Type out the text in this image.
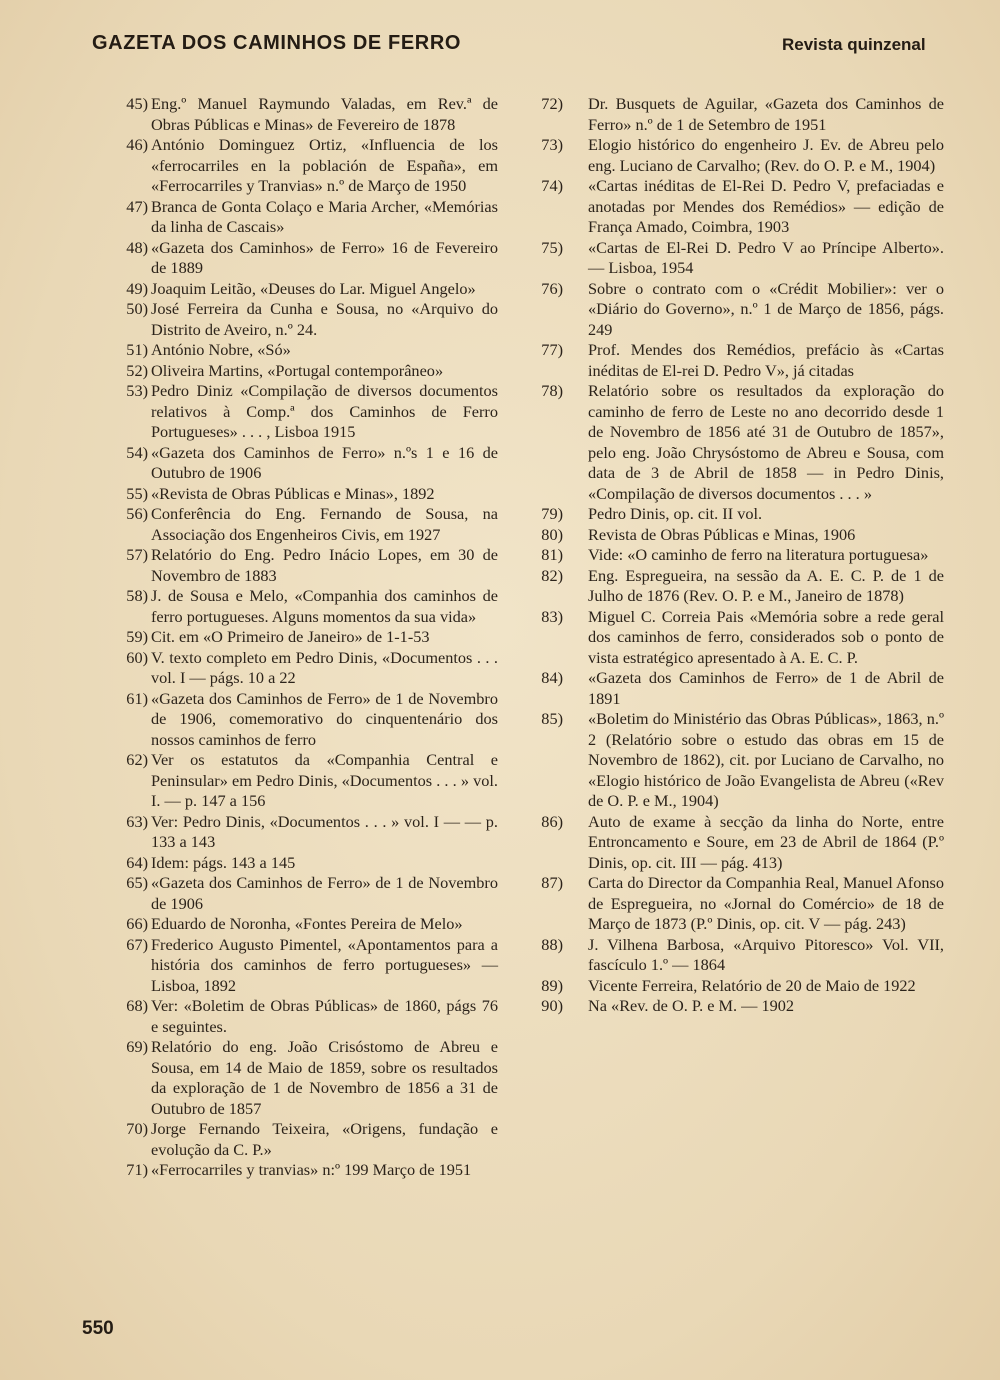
GAZETA DOS CAMINHOS DE FERRO	Revista quinzenal
45) Eng.º Manuel Raymundo Valadas, em Rev.ª de Obras Públicas e Minas» de Fevereiro de 1878
46) António Dominguez Ortiz, «Influencia de los «ferrocarriles en la población de España», em «Ferrocarriles y Tranvias» n.º de Março de 1950
47) Branca de Gonta Colaço e Maria Archer, «Memórias da linha de Cascais»
48) «Gazeta dos Caminhos» de Ferro» 16 de Fevereiro de 1889
49) Joaquim Leitão, «Deuses do Lar. Miguel Angelo»
50) José Ferreira da Cunha e Sousa, no «Arquivo do Distrito de Aveiro, n.º 24.
51) António Nobre, «Só»
52) Oliveira Martins, «Portugal contemporâneo»
53) Pedro Diniz «Compilação de diversos documentos relativos à Comp.ª dos Caminhos de Ferro Portugueses» . . . , Lisboa 1915
54) «Gazeta dos Caminhos de Ferro» n.ºs 1 e 16 de Outubro de 1906
55) «Revista de Obras Públicas e Minas», 1892
56) Conferência do Eng. Fernando de Sousa, na Associação dos Engenheiros Civis, em 1927
57) Relatório do Eng. Pedro Inácio Lopes, em 30 de Novembro de 1883
58) J. de Sousa e Melo, «Companhia dos caminhos de ferro portugueses. Alguns momentos da sua vida»
59) Cit. em «O Primeiro de Janeiro» de 1-1-53
60) V. texto completo em Pedro Dinis, «Documentos . . . vol. I — págs. 10 a 22
61) «Gazeta dos Caminhos de Ferro» de 1 de Novembro de 1906, comemorativo do cinquentenário dos nossos caminhos de ferro
62) Ver os estatutos da «Companhia Central e Peninsular» em Pedro Dinis, «Documentos . . . » vol. I. — p. 147 a 156
63) Ver: Pedro Dinis, «Documentos . . . » vol. I — — p. 133 a 143
64) Idem: págs. 143 a 145
65) «Gazeta dos Caminhos de Ferro» de 1 de Novembro de 1906
66) Eduardo de Noronha, «Fontes Pereira de Melo»
67) Frederico Augusto Pimentel, «Apontamentos para a história dos caminhos de ferro portugueses» — Lisboa, 1892
68) Ver: «Boletim de Obras Públicas» de 1860, págs 76 e seguintes.
69) Relatório do eng. João Crisóstomo de Abreu e Sousa, em 14 de Maio de 1859, sobre os resultados da exploração de 1 de Novembro de 1856 a 31 de Outubro de 1857
70) Jorge Fernando Teixeira, «Origens, fundação e evolução da C. P.»
71) «Ferrocarriles y tranvias» n:º 199 Março de 1951
72) Dr. Busquets de Aguilar, «Gazeta dos Caminhos de Ferro» n.º de 1 de Setembro de 1951
73) Elogio histórico do engenheiro J. Ev. de Abreu pelo eng. Luciano de Carvalho; (Rev. do O. P. e M., 1904)
74) «Cartas inéditas de El-Rei D. Pedro V, prefaciadas e anotadas por Mendes dos Remédios» — edição de França Amado, Coimbra, 1903
75) «Cartas de El-Rei D. Pedro V ao Príncipe Alberto». — Lisboa, 1954
76) Sobre o contrato com o «Crédit Mobilier»: ver o «Diário do Governo», n.º 1 de Março de 1856, págs. 249
77) Prof. Mendes dos Remédios, prefácio às «Cartas inéditas de El-rei D. Pedro V», já citadas
78) Relatório sobre os resultados da exploração do caminho de ferro de Leste no ano decorrido desde 1 de Novembro de 1856 até 31 de Outubro de 1857», pelo eng. João Chrysóstomo de Abreu e Sousa, com data de 3 de Abril de 1858 — in Pedro Dinis, «Compilação de diversos documentos . . . »
79) Pedro Dinis, op. cit. II vol.
80) Revista de Obras Públicas e Minas, 1906
81) Vide: «O caminho de ferro na literatura portuguesa»
82) Eng. Espregueira, na sessão da A. E. C. P. de 1 de Julho de 1876 (Rev. O. P. e M., Janeiro de 1878)
83) Miguel C. Correia Pais «Memória sobre a rede geral dos caminhos de ferro, considerados sob o ponto de vista estratégico apresentado à A. E. C. P.
84) «Gazeta dos Caminhos de Ferro» de 1 de Abril de 1891
85) «Boletim do Ministério das Obras Públicas», 1863, n.º 2 (Relatório sobre o estudo das obras em 15 de Novembro de 1862), cit. por Luciano de Carvalho, no «Elogio histórico de João Evangelista de Abreu («Rev de O. P. e M., 1904)
86) Auto de exame à secção da linha do Norte, entre Entroncamento e Soure, em 23 de Abril de 1864 (P.º Dinis, op. cit. III — pág. 413)
87) Carta do Director da Companhia Real, Manuel Afonso de Espregueira, no «Jornal do Comércio» de 18 de Março de 1873 (P.º Dinis, op. cit. V — pág. 243)
88) J. Vilhena Barbosa, «Arquivo Pitoresco» Vol. VII, fascículo 1.º — 1864
89) Vicente Ferreira, Relatório de 20 de Maio de 1922
90) Na «Rev. de O. P. e M. — 1902
550
